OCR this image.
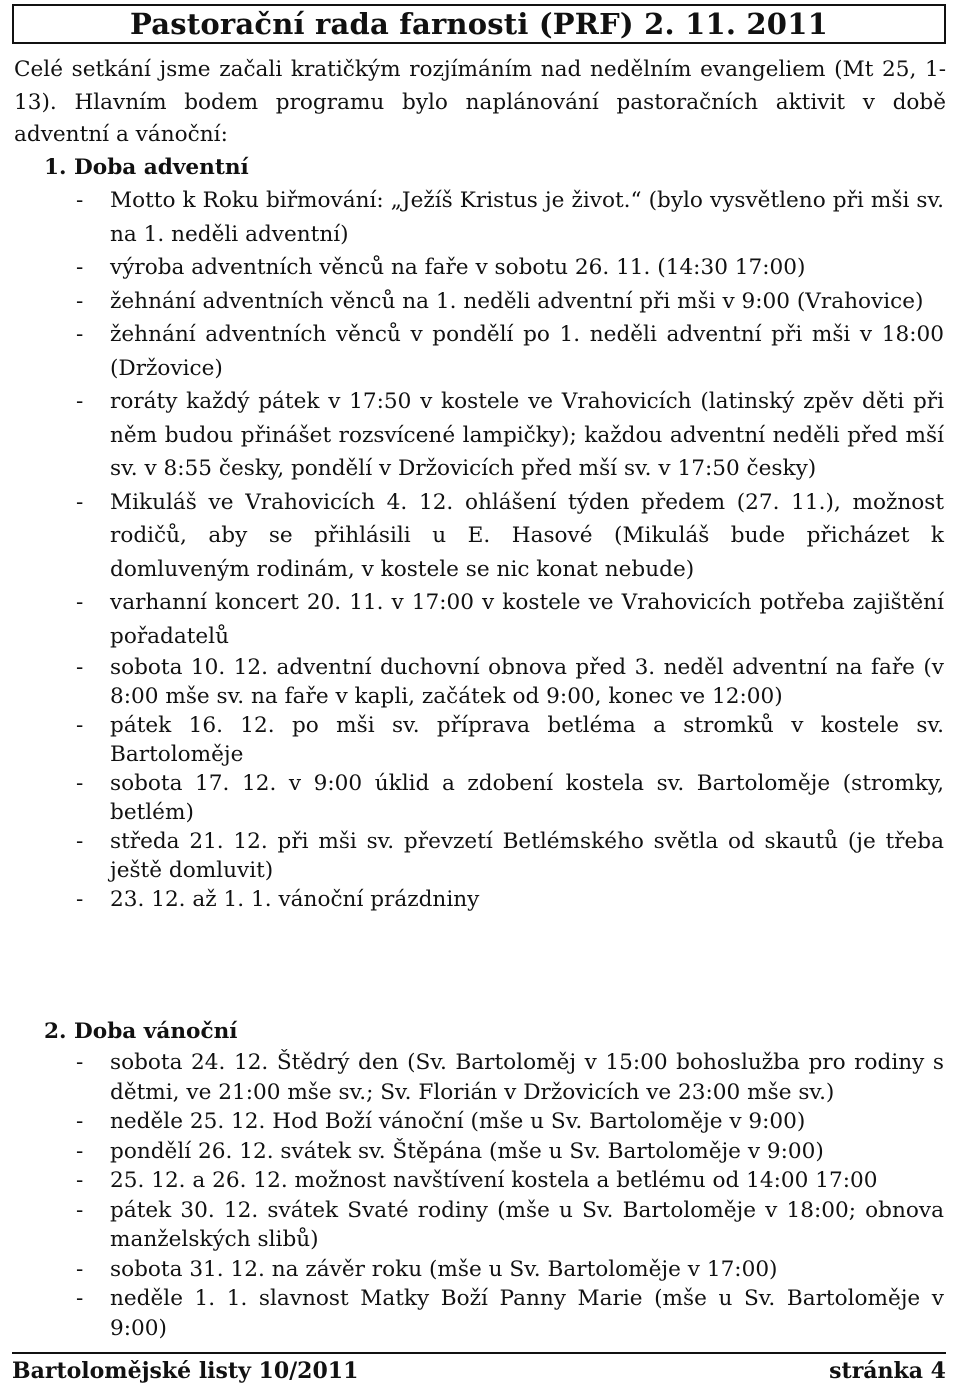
Pastorační rada farnosti (PRF) 2. 11. 2011

Celé setkání jsme začali kratičkým rozjímáním nad nedělním evangeliem (Mt 25, 1-13). Hlavním bodem programu bylo naplánování pastoračních aktivit v době adventní a vánoční:

1. Doba adventní

- Motto k Roku biřmování: „Ježíš Kristus je život.“ (bylo vysvětleno při mši sv. na 1. neděli adventní)
- výroba adventních věnců na faře v sobotu 26. 11. (14:30 17:00)
- žehnání adventních věnců na 1. neděli adventní při mši v 9:00 (Vrahovice)
- žehnání adventních věnců v pondělí po 1. neděli adventní při mši v 18:00 (Držovice)
- roráty každý pátek v 17:50 v kostele ve Vrahovicích (latinský zpěv děti při něm budou přinášet rozsvícené lampičky); každou adventní neděli před mší sv. v 8:55 česky, pondělí v Držovicích před mší sv. v 17:50 česky)
- Mikuláš ve Vrahovicích 4. 12. ohlášení týden předem (27. 11.), možnost rodičů, aby se přihlásili u E. Hasové (Mikuláš bude přicházet k domluveným rodinám, v kostele se nic konat nebude)
- varhanní koncert 20. 11. v 17:00 v kostele ve Vrahovicích potřeba zajištění pořadatelů
- sobota 10. 12. adventní duchovní obnova před 3. neděl adventní na faře (v 8:00 mše sv. na faře v kapli, začátek od 9:00, konec ve 12:00)
- pátek 16. 12. po mši sv. příprava betléma a stromků v kostele sv. Bartoloměje
- sobota 17. 12. v 9:00 úklid a zdobení kostela sv. Bartoloměje (stromky, betlém)
- středa 21. 12. při mši sv. převzetí Betlémského světla od skautů (je třeba ještě domluvit)
- 23. 12. až 1. 1. vánoční prázdniny

2. Doba vánoční

- sobota 24. 12. Štědrý den (Sv. Bartoloměj v 15:00 bohoslužba pro rodiny s dětmi, ve 21:00 mše sv.; Sv. Florián v Držovicích ve 23:00 mše sv.)
- neděle 25. 12. Hod Boží vánoční (mše u Sv. Bartoloměje v 9:00)
- pondělí 26. 12. svátek sv. Štěpána (mše u Sv. Bartoloměje v 9:00)
- 25. 12. a 26. 12. možnost navštívení kostela a betlému od 14:00 17:00
- pátek 30. 12. svátek Svaté rodiny (mše u Sv. Bartoloměje v 18:00; obnova manželských slibů)
- sobota 31. 12. na závěr roku (mše u Sv. Bartoloměje v 17:00)
- neděle 1. 1. slavnost Matky Boží Panny Marie (mše u Sv. Bartoloměje v 9:00)
Bartolomějské listy 10/2011	stránka 4
